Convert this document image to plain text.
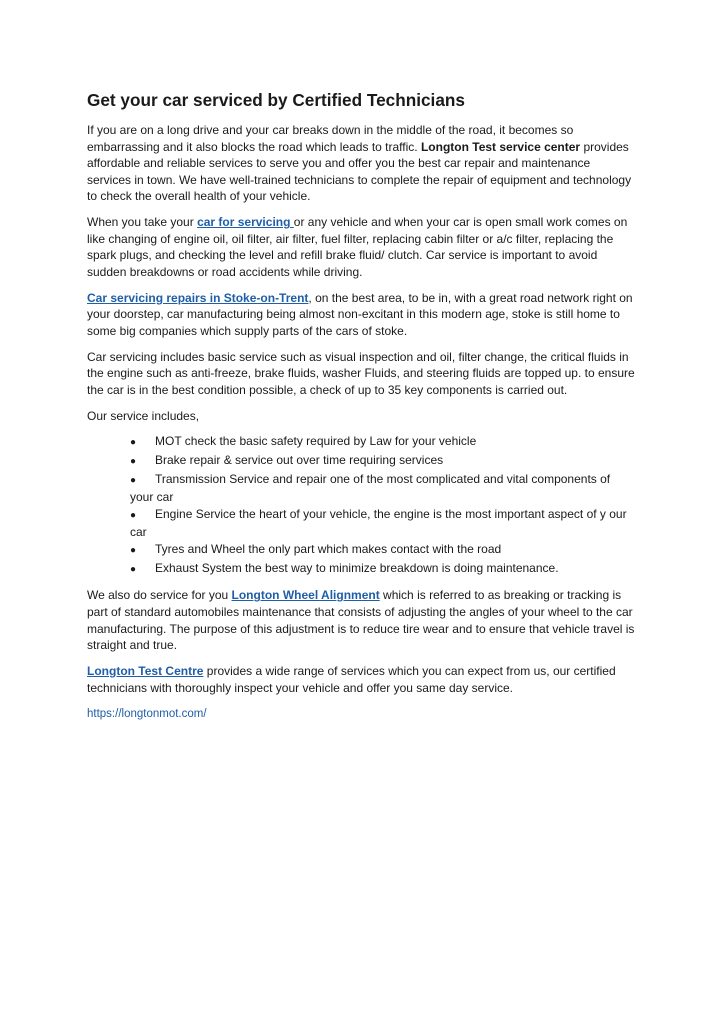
Get your car serviced by Certified Technicians

If you are on a long drive and your car breaks down in the middle of the road, it becomes so embarrassing and it also blocks the road which leads to traffic. Longton Test service center provides affordable and reliable services to serve you and offer you the best car repair and maintenance services in town. We have well-trained technicians to complete the repair of equipment and technology to check the overall health of your vehicle.

When you take your car for servicing or any vehicle and when your car is open small work comes on like changing of engine oil, oil filter, air filter, fuel filter, replacing cabin filter or a/c filter, replacing the spark plugs, and checking the level and refill brake fluid/ clutch. Car service is important to avoid sudden breakdowns or road accidents while driving.

Car servicing repairs in Stoke-on-Trent, on the best area, to be in, with a great road network right on your doorstep, car manufacturing being almost non-excitant in this modern age, stoke is still home to some big companies which supply parts of the cars of stoke.

Car servicing includes basic service such as visual inspection and oil, filter change, the critical fluids in the engine such as anti-freeze, brake fluids, washer Fluids, and steering fluids are topped up. to ensure the car is in the best condition possible, a check of up to 35 key components is carried out.

Our service includes,

● MOT check the basic safety required by Law for your vehicle
● Brake repair & service out over time requiring services
● Transmission Service and repair one of the most complicated and vital components of your car
● Engine Service the heart of your vehicle, the engine is the most important aspect of y our car
● Tyres and Wheel the only part which makes contact with the road
● Exhaust System the best way to minimize breakdown is doing maintenance.

We also do service for you Longton Wheel Alignment which is referred to as breaking or tracking is part of standard automobiles maintenance that consists of adjusting the angles of your wheel to the car manufacturing. The purpose of this adjustment is to reduce tire wear and to ensure that vehicle travel is straight and true.

Longton Test Centre provides a wide range of services which you can expect from us, our certified technicians with thoroughly inspect your vehicle and offer you same day service.

https://longtonmot.com/
